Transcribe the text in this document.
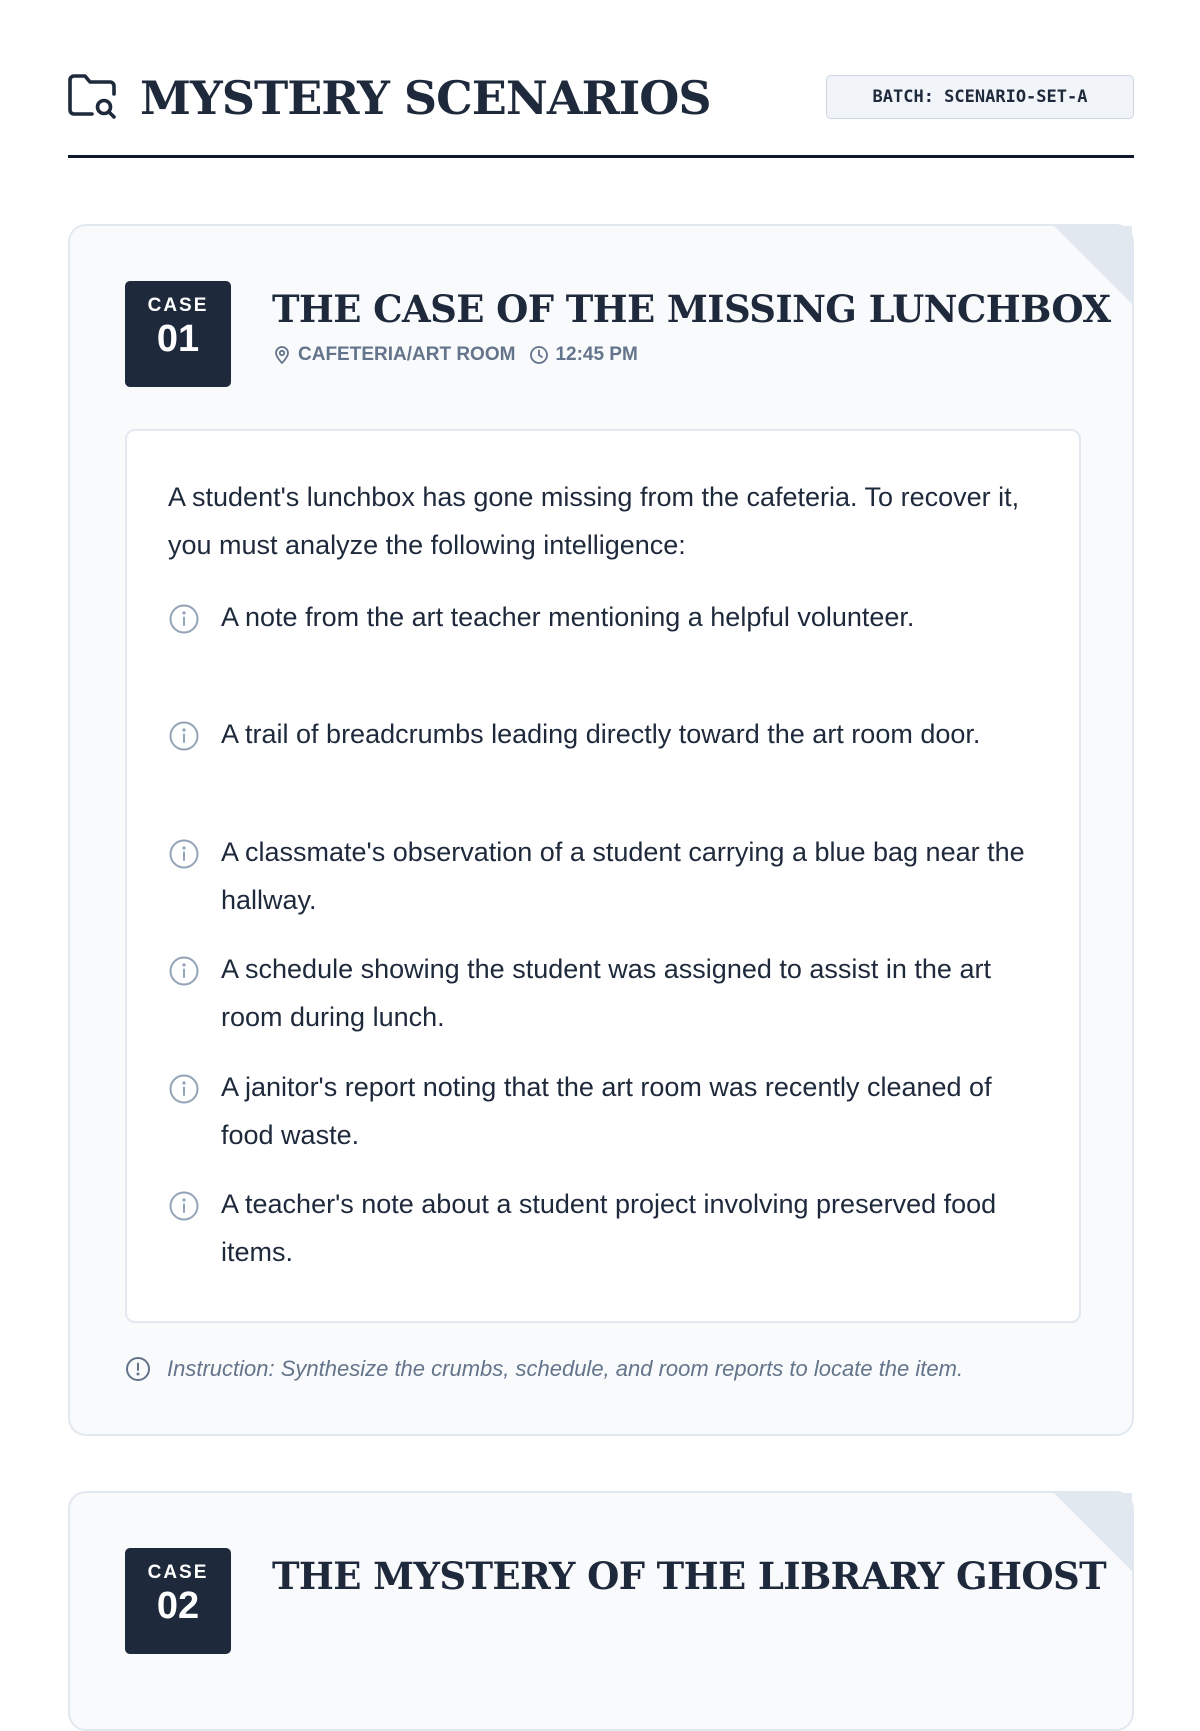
MYSTERY SCENARIOS	BATCH: SCENARIO-SET-A
CASE
01
THE CASE OF THE MISSING LUNCHBOX
CAFETERIA/ART ROOM 12:45 PM

A student's lunchbox has gone missing from the cafeteria. To recover it, you must analyze the following intelligence:

A note from the art teacher mentioning a helpful volunteer.
A trail of breadcrumbs leading directly toward the art room door.
A classmate's observation of a student carrying a blue bag near the hallway.
A schedule showing the student was assigned to assist in the art room during lunch.
A janitor's report noting that the art room was recently cleaned of food waste.
A teacher's note about a student project involving preserved food items.
Instruction: Synthesize the crumbs, schedule, and room reports to locate the item.
CASE
02
THE MYSTERY OF THE LIBRARY GHOST
